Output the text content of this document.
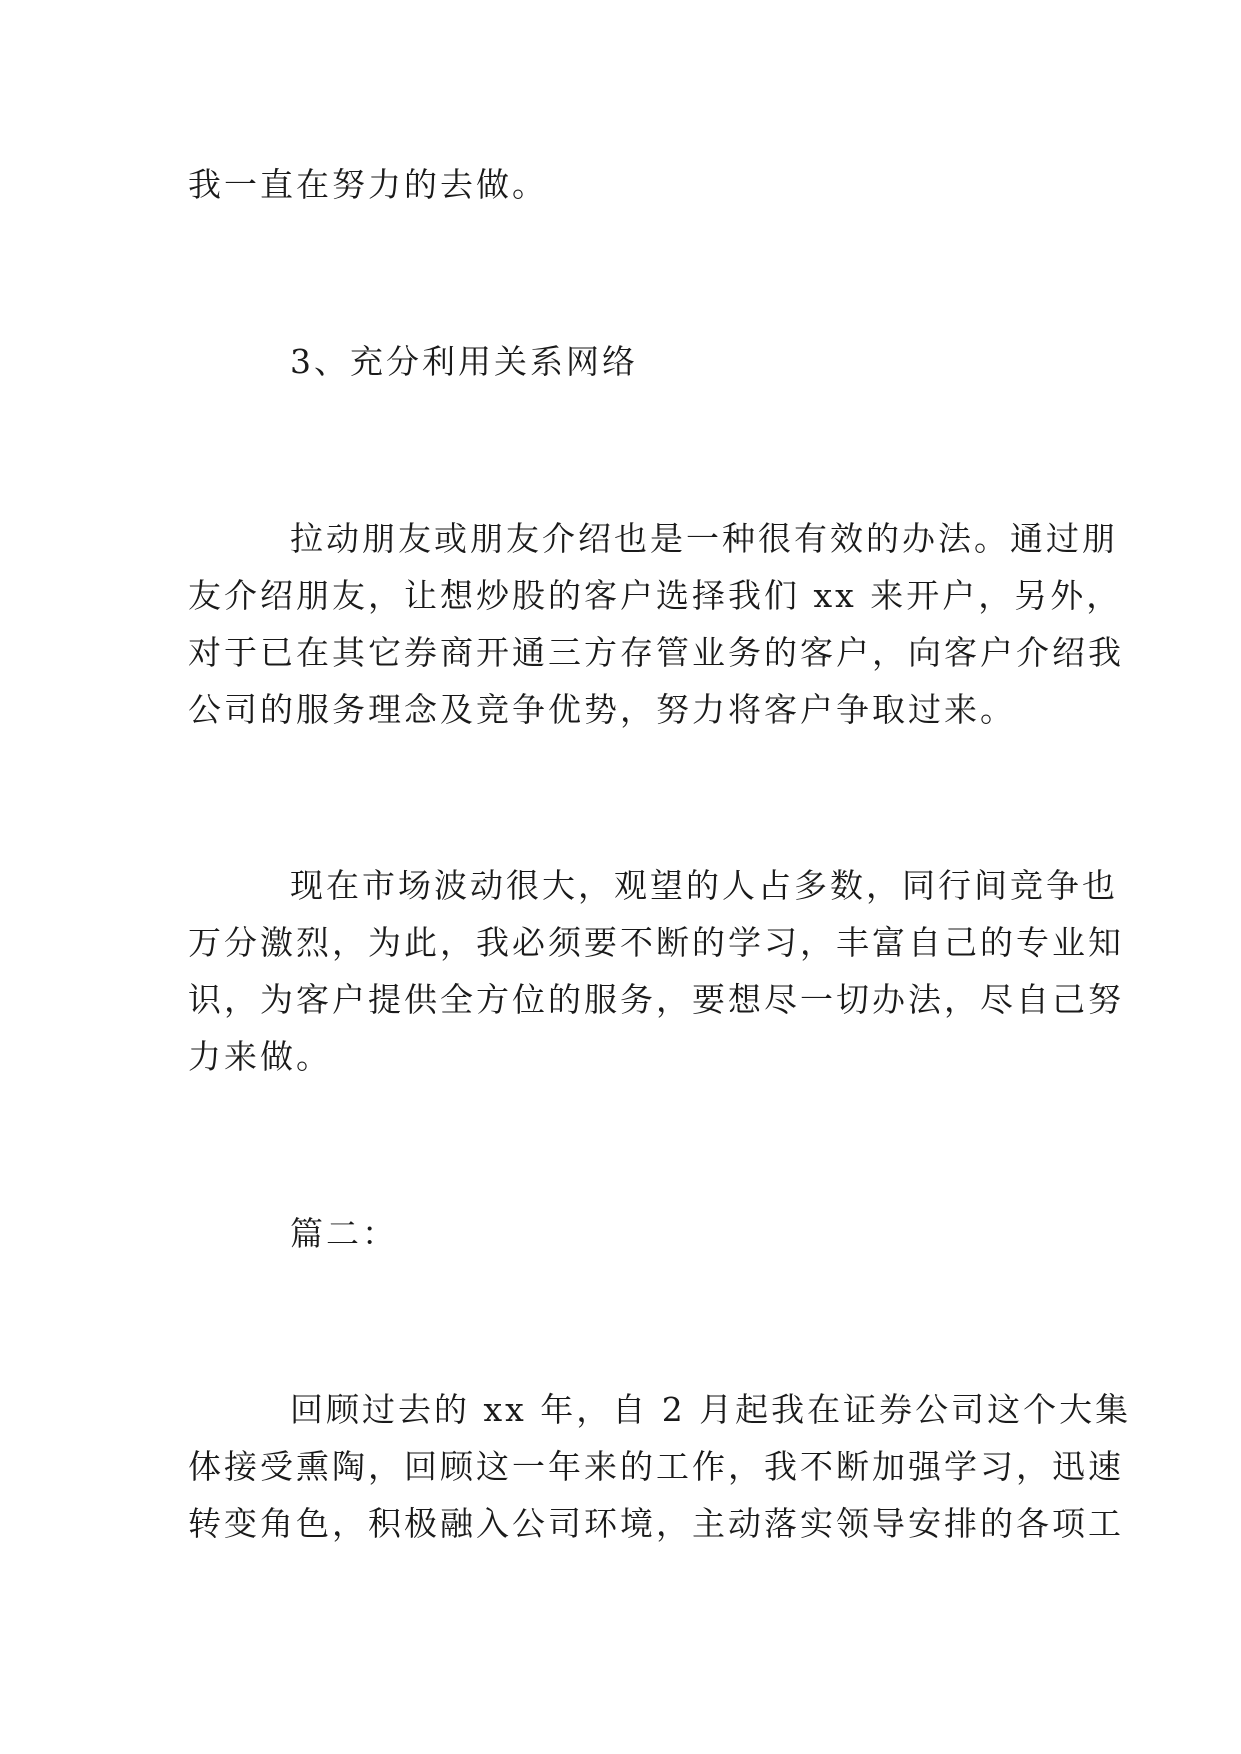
我一直在努力的去做。
3、充分利用关系网络
拉动朋友或朋友介绍也是一种很有效的办法。通过朋
友介绍朋友，让想炒股的客户选择我们 xx 来开户，另外，
对于已在其它券商开通三方存管业务的客户，向客户介绍我
公司的服务理念及竞争优势，努力将客户争取过来。
现在市场波动很大，观望的人占多数，同行间竞争也
万分激烈，为此，我必须要不断的学习，丰富自己的专业知
识，为客户提供全方位的服务，要想尽一切办法，尽自己努
力来做。
篇二：
回顾过去的 xx 年，自 2 月起我在证券公司这个大集
体接受熏陶，回顾这一年来的工作，我不断加强学习，迅速
转变角色，积极融入公司环境，主动落实领导安排的各项工
